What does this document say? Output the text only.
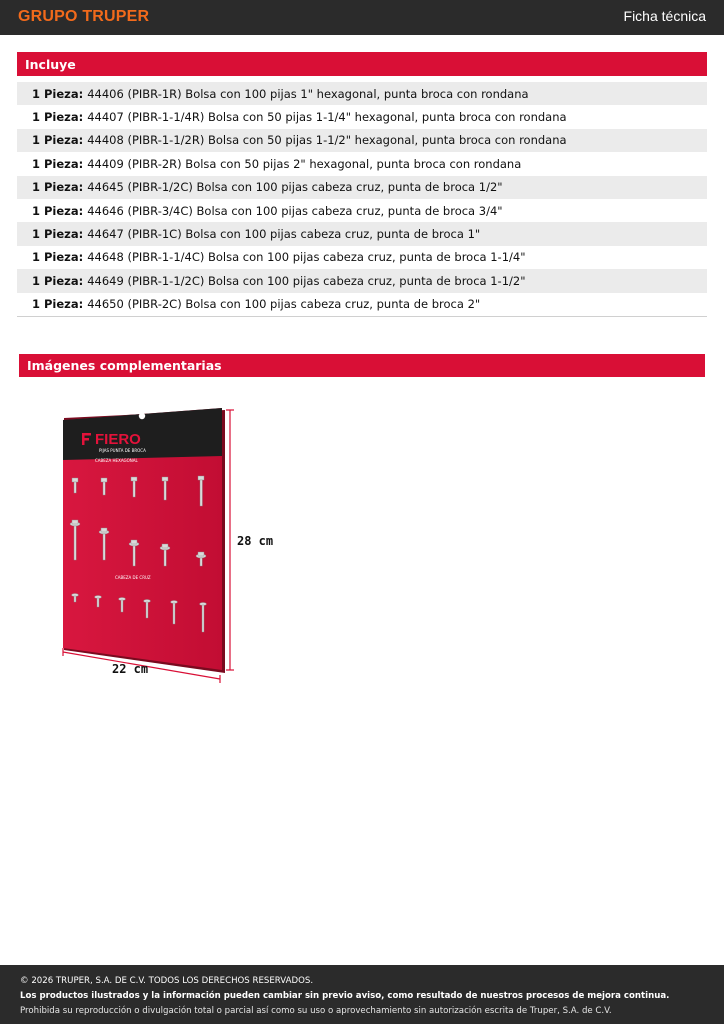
GRUPO TRUPER	Ficha técnica
Incluye
1 Pieza: 44406 (PIBR-1R) Bolsa con 100 pijas 1" hexagonal, punta broca con rondana
1 Pieza: 44407 (PIBR-1-1/4R) Bolsa con 50 pijas 1-1/4" hexagonal, punta broca con rondana
1 Pieza: 44408 (PIBR-1-1/2R) Bolsa con 50 pijas 1-1/2" hexagonal, punta broca con rondana
1 Pieza: 44409 (PIBR-2R) Bolsa con 50 pijas 2" hexagonal, punta broca con rondana
1 Pieza: 44645 (PIBR-1/2C) Bolsa con 100 pijas cabeza cruz, punta de broca 1/2"
1 Pieza: 44646 (PIBR-3/4C) Bolsa con 100 pijas cabeza cruz, punta de broca 3/4"
1 Pieza: 44647 (PIBR-1C) Bolsa con 100 pijas cabeza cruz, punta de broca 1"
1 Pieza: 44648 (PIBR-1-1/4C) Bolsa con 100 pijas cabeza cruz, punta de broca 1-1/4"
1 Pieza: 44649 (PIBR-1-1/2C) Bolsa con 100 pijas cabeza cruz, punta de broca 1-1/2"
1 Pieza: 44650 (PIBR-2C) Bolsa con 100 pijas cabeza cruz, punta de broca 2"
Imágenes complementarias
FIERO
PIJAS PUNTA DE BROCA
CABEZA HEXAGONAL
CABEZA DE CRUZ
28 cm
22 cm
© 2026 TRUPER, S.A. DE C.V. TODOS LOS DERECHOS RESERVADOS.
Los productos ilustrados y la información pueden cambiar sin previo aviso, como resultado de nuestros procesos de mejora continua.
Prohibida su reproducción o divulgación total o parcial así como su uso o aprovechamiento sin autorización escrita de Truper, S.A. de C.V.
